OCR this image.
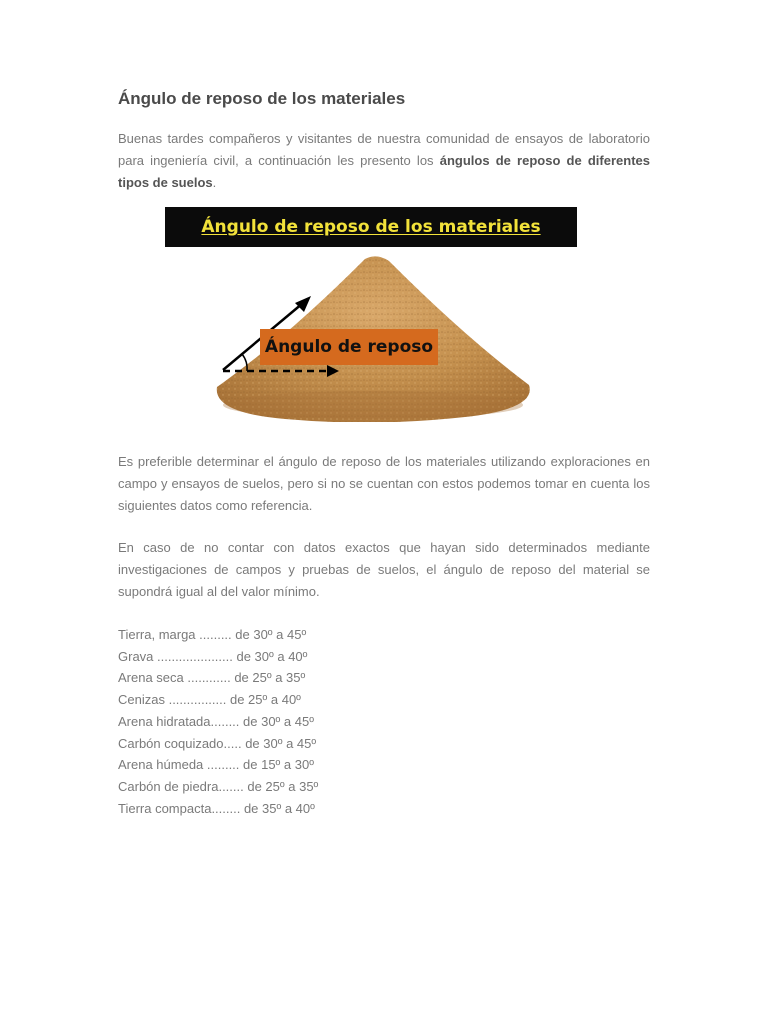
Ángulo de reposo de los materiales

Buenas tardes compañeros y visitantes de nuestra comunidad de ensayos de laboratorio para ingeniería civil, a continuación les presento los ángulos de reposo de diferentes tipos de suelos.

Ángulo de reposo de los materiales
Ángulo de reposo

Es preferible determinar el ángulo de reposo de los materiales utilizando exploraciones en campo y ensayos de suelos, pero si no se cuentan con estos podemos tomar en cuenta los siguientes datos como referencia.

En caso de no contar con datos exactos que hayan sido determinados mediante investigaciones de campos y pruebas de suelos, el ángulo de reposo del material se supondrá igual al del valor mínimo.

Tierra, marga ......... de 30º a 45º
Grava ..................... de 30º a 40º
Arena seca ............ de 25º a 35º
Cenizas ................ de 25º a 40º
Arena hidratada........ de 30º a 45º
Carbón coquizado..... de 30º a 45º
Arena húmeda ......... de 15º a 30º
Carbón de piedra....... de 25º a 35º
Tierra compacta........ de 35º a 40º
